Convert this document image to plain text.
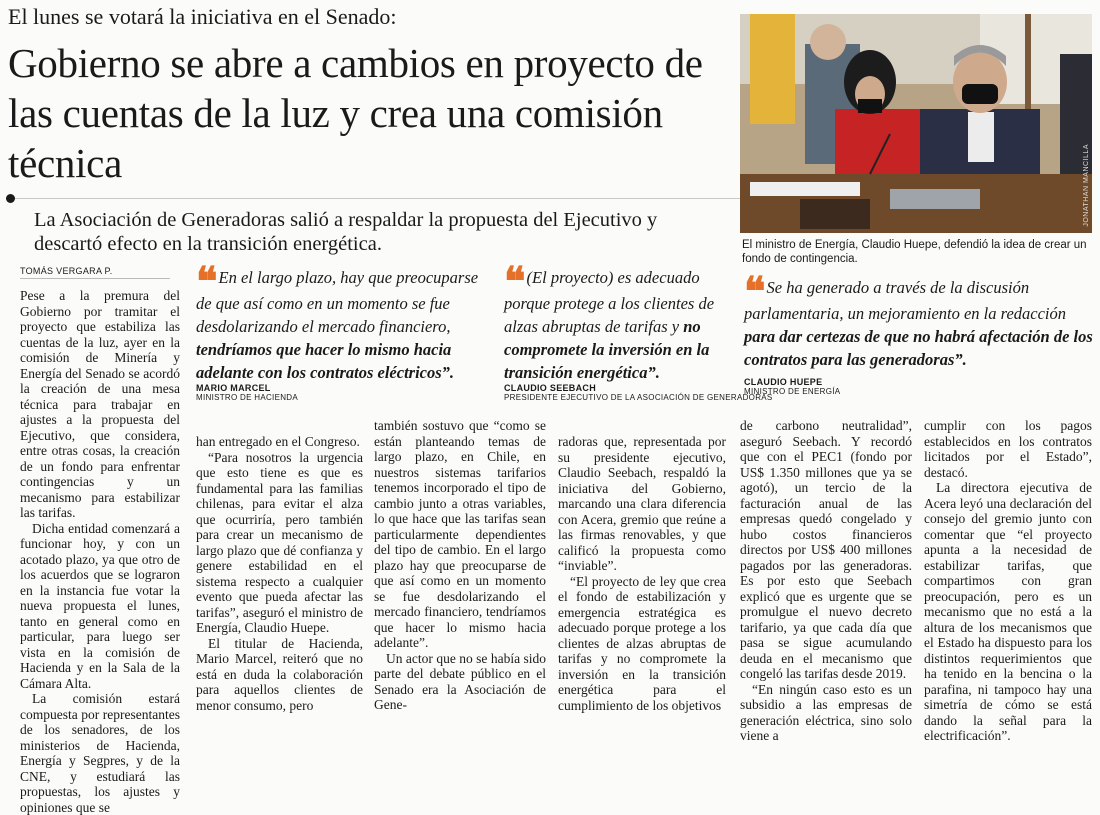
El lunes se votará la iniciativa en el Senado:
Gobierno se abre a cambios en proyecto de las cuentas de la luz y crea una comisión técnica
La Asociación de Generadoras salió a respaldar la propuesta del Ejecutivo y descartó efecto en la transición energética.
JONATHAN MANCILLA
El ministro de Energía, Claudio Huepe, defendió la idea de crear un fondo de contingencia.
TOMÁS VERGARA P. ❝ En el largo plazo, hay que preocuparse de que así como en un momento se fue desdolarizando el mercado financiero, tendríamos que hacer lo mismo hacia adelante con los contratos eléctricos”.
MARIO MARCEL
MINISTRO DE HACIENDA
❝ (El proyecto) es adecuado porque protege a los clientes de alzas abruptas de tarifas y no compromete la inversión en la transición energética”.
CLAUDIO SEEBACH
PRESIDENTE EJECUTIVO DE LA ASOCIACIÓN DE GENERADORAS
❝ Se ha generado a través de la discusión parlamentaria, un mejoramiento en la redacción para dar certezas de que no habrá afectación de los contratos para las generadoras”.
CLAUDIO HUEPE
MINISTRO DE ENERGÍA

Pese a la premura del Gobierno por tramitar el proyecto que estabiliza las cuentas de la luz, ayer en la comisión de Minería y Energía del Senado se acordó la creación de una mesa técnica para trabajar en ajustes a la propuesta del Ejecutivo, que considera, entre otras cosas, la creación de un fondo para enfrentar contingencias y un mecanismo para estabilizar las tarifas.

Dicha entidad comenzará a funcionar hoy, y con un acotado plazo, ya que otro de los acuerdos que se lograron en la instancia fue votar la nueva propuesta el lunes, tanto en general como en particular, para luego ser vista en la comisión de Hacienda y en la Sala de la Cámara Alta.

La comisión estará compuesta por representantes de los senadores, de los ministerios de Hacienda, Energía y Segpres, y de la CNE, y estudiará las propuestas, los ajustes y opiniones que se

han entregado en el Congreso.

“Para nosotros la urgencia que esto tiene es que es fundamental para las familias chilenas, para evitar el alza que ocurriría, pero también para crear un mecanismo de largo plazo que dé confianza y genere estabilidad en el sistema respecto a cualquier evento que pueda afectar las tarifas”, aseguró el ministro de Energía, Claudio Huepe.

El titular de Hacienda, Mario Marcel, reiteró que no está en duda la colaboración para aquellos clientes de menor consumo, pero

también sostuvo que “como se están planteando temas de largo plazo, en Chile, en nuestros sistemas tarifarios tenemos incorporado el tipo de cambio junto a otras variables, lo que hace que las tarifas sean particularmente dependientes del tipo de cambio. En el largo plazo hay que preocuparse de que así como en un momento se fue desdolarizando el mercado financiero, tendríamos que hacer lo mismo hacia adelante”.

Un actor que no se había sido parte del debate público en el Senado era la Asociación de Gene-

radoras que, representada por su presidente ejecutivo, Claudio Seebach, respaldó la iniciativa del Gobierno, marcando una clara diferencia con Acera, gremio que reúne a las firmas renovables, y que calificó la propuesta como “inviable”.

“El proyecto de ley que crea el fondo de estabilización y emergencia estratégica es adecuado porque protege a los clientes de alzas abruptas de tarifas y no compromete la inversión en la transición energética para el cumplimiento de los objetivos

de carbono neutralidad”, aseguró Seebach. Y recordó que con el PEC1 (fondo por US$ 1.350 millones que ya se agotó), un tercio de la facturación anual de las empresas quedó congelado y hubo costos financieros directos por US$ 400 millones pagados por las generadoras. Es por esto que Seebach explicó que es urgente que se promulgue el nuevo decreto tarifario, ya que cada día que pasa se sigue acumulando deuda en el mecanismo que congeló las tarifas desde 2019.

“En ningún caso esto es un subsidio a las empresas de generación eléctrica, sino solo viene a

cumplir con los pagos establecidos en los contratos licitados por el Estado”, destacó.

La directora ejecutiva de Acera leyó una declaración del consejo del gremio junto con comentar que “el proyecto apunta a la necesidad de estabilizar tarifas, que compartimos con gran preocupación, pero es un mecanismo que no está a la altura de los mecanismos que el Estado ha dispuesto para los distintos requerimientos que ha tenido en la bencina o la parafina, ni tampoco hay una simetría de cómo se está dando la señal para la electrificación”.
